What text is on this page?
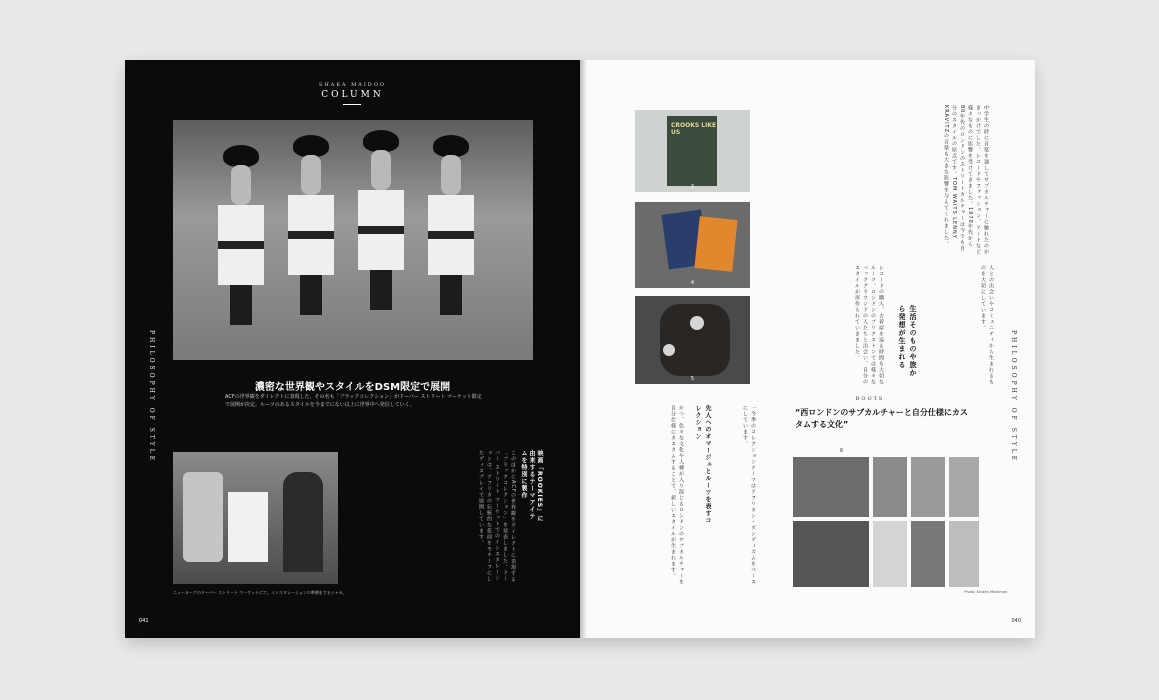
SHAKA MAIDOO
COLUMN
PHILOSOPHY OF STYLE	濃密な世界観やスタイルをDSM限定で展開
ACFの世界観をダイレクトに表現した、その名も「ブラックコレクション」がドーバー ストリート マーケット限定で展開が決定。ルーツのあるスタイルを今までにない以上に世界中へ発信していく。
ニューヨークのドーバー ストリート マーケットにて。インスタレーションの準備をするシャカ。
映画「ROOKIES」に由来するテーマアイテムを特別に製作
このほかにACFの世界観をダイレクトに表現する「ブラックコレクション」を発表しました。ドーバー ストリート マーケットでのインスタレーションは、アフリカの伝統的な仮面をモチーフにしたディスプレイで展開しています。
041
CROOKS LIKE US
3
4
5
中学生の時に音楽を通してサブカルチャーに触れたのがきっかけでした。レコードやファッション、アートなど様々なものに影響を受けてきました。1970年代から80年代のロンドンのストリートカルチャーは今でも自分のスタイルの原点です。TOM WAITS LENNY KRAVITZの音楽も大きな影響を与えてくれました。
レコードの購入、古着屋を巡る時間も大切なルーツ。ロンドンのブリクストンでは様々なバックグラウンドの人たちと出会い、自分のスタイルが形作られていきました。	生活そのものや旅から発想が生まれる	人との出会いやコミュニティから生まれるものを大切にしています。
かつ、色々な文化や人種が入り混じるロンドンのサブカルチャーを自分仕様にカスタムすることで、新しいスタイルが生まれます。	先人へのオマージュとルーツを表すコレクション	一今季のコレクションテーマはアフリカン・ダンディズムをベースにしています。
ROOTS
“西ロンドンのサブカルチャーと自分仕様にカスタムする文化”
6
Photo: Kristen Mashman
PHILOSOPHY OF STYLE
040
